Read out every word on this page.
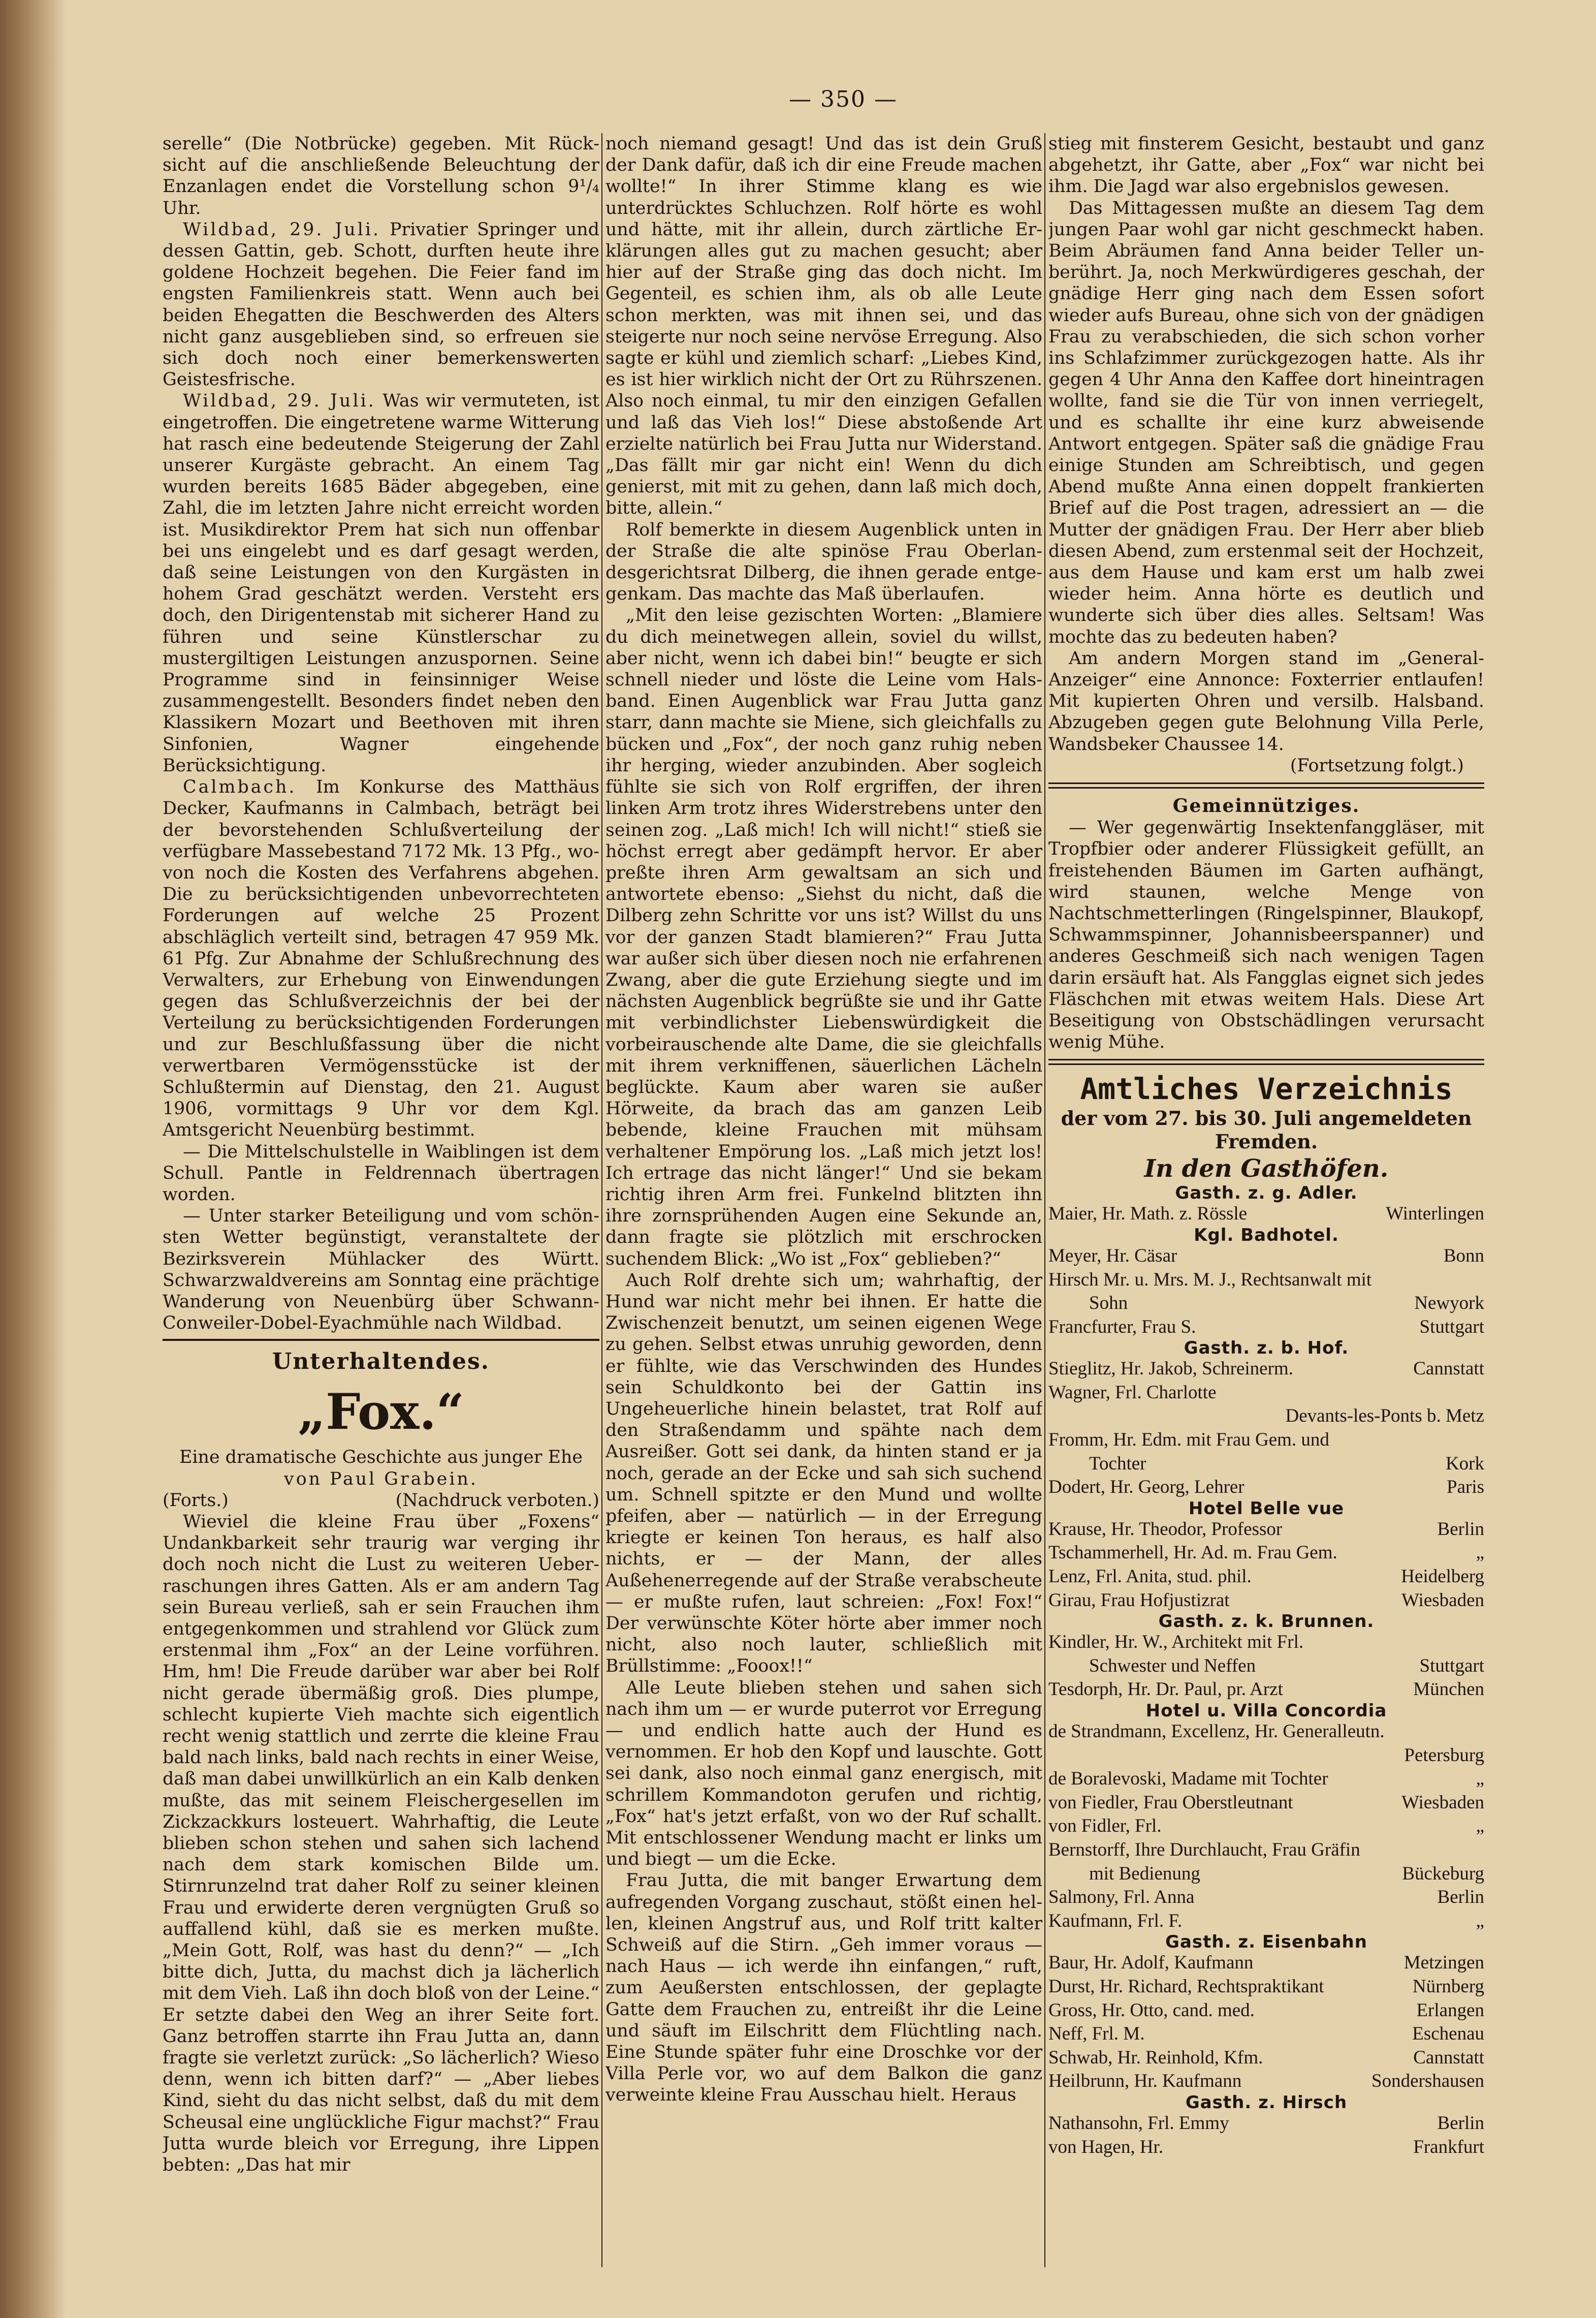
— 350 —

serelle“ (Die Notbrücke) gegeben. Mit Rücksicht auf die anschließende Beleuchtung der Enzanlagen endet die Vorstellung schon 9¹/₄ Uhr.

Wildbad, 29. Juli. Privatier Springer und dessen Gattin, geb. Schott, durften heute ihre goldene Hochzeit begehen. Die Feier fand im engsten Familienkreis statt. Wenn auch bei beiden Ehegatten die Beschwerden des Alters nicht ganz ausgeblieben sind, so erfreuen sie sich doch noch einer bemerkenswerten Geistesfrische.

Wildbad, 29. Juli. Was wir vermuteten, ist eingetroffen. Die eingetretene warme Witterung hat rasch eine bedeutende Steigerung der Zahl unserer Kurgäste gebracht. An einem Tag wurden bereits 1685 Bäder abgegeben, eine Zahl, die im letzten Jahre nicht erreicht worden ist. Musikdirektor Prem hat sich nun offenbar bei uns eingelebt und es darf gesagt werden, daß seine Leistungen von den Kurgästen in hohem Grad geschätzt werden. Versteht ers doch, den Dirigentenstab mit sicherer Hand zu führen und seine Künstlerschar zu mustergiltigen Leistungen anzuspornen. Seine Programme sind in feinsinniger Weise zusammengestellt. Besonders findet neben den Klassikern Mozart und Beethoven mit ihren Sinfonien, Wagner eingehende Berücksichtigung.

Calmbach. Im Konkurse des Matthäus Decker, Kaufmanns in Calmbach, beträgt bei der bevorstehenden Schlußverteilung der verfügbare Massebestand 7172 Mk. 13 Pfg., wovon noch die Kosten des Verfahrens abgehen. Die zu berücksichtigenden unbevorrechteten Forderungen auf welche 25 Prozent abschläglich verteilt sind, betragen 47 959 Mk. 61 Pfg. Zur Abnahme der Schlußrechnung des Verwalters, zur Erhebung von Einwendungen gegen das Schlußverzeichnis der bei der Verteilung zu berücksichtigenden Forderungen und zur Beschlußfassung über die nicht verwertbaren Vermögensstücke ist der Schlußtermin auf Dienstag, den 21. August 1906, vormittags 9 Uhr vor dem Kgl. Amtsgericht Neuenbürg bestimmt.

— Die Mittelschulstelle in Waiblingen ist dem Schull. Pantle in Feldrennach übertragen worden.

— Unter starker Beteiligung und vom schönsten Wetter begünstigt, veranstaltete der Bezirksverein Mühlacker des Württ. Schwarzwaldvereins am Sonntag eine prächtige Wanderung von Neuenbürg über Schwann-Conweiler-Dobel-Eyachmühle nach Wildbad.

Unterhaltendes.
„Fox.“

Eine dramatische Geschichte aus junger Ehe

von Paul Grabein.

(Forts.)	(Nachdruck verboten.)

Wieviel die kleine Frau über „Foxens“ Undankbarkeit sehr traurig war verging ihr doch noch nicht die Lust zu weiteren Ueberraschungen ihres Gatten. Als er am andern Tag sein Bureau verließ, sah er sein Frauchen ihm entgegenkommen und strahlend vor Glück zum erstenmal ihm „Fox“ an der Leine vorführen. Hm, hm! Die Freude darüber war aber bei Rolf nicht gerade übermäßig groß. Dies plumpe, schlecht kupierte Vieh machte sich eigentlich recht wenig stattlich und zerrte die kleine Frau bald nach links, bald nach rechts in einer Weise, daß man dabei unwillkürlich an ein Kalb denken mußte, das mit seinem Fleischergesellen im Zickzackkurs losteuert. Wahrhaftig, die Leute blieben schon stehen und sahen sich lachend nach dem stark komischen Bilde um. Stirnrunzelnd trat daher Rolf zu seiner kleinen Frau und erwiderte deren vergnügten Gruß so auffallend kühl, daß sie es merken mußte. „Mein Gott, Rolf, was hast du denn?“ — „Ich bitte dich, Jutta, du machst dich ja lächerlich mit dem Vieh. Laß ihn doch bloß von der Leine.“ Er setzte dabei den Weg an ihrer Seite fort. Ganz betroffen starrte ihn Frau Jutta an, dann fragte sie verletzt zurück: „So lächerlich? Wieso denn, wenn ich bitten darf?“ — „Aber liebes Kind, sieht du das nicht selbst, daß du mit dem Scheusal eine unglückliche Figur machst?“ Frau Jutta wurde bleich vor Erregung, ihre Lippen bebten: „Das hat mir

noch niemand gesagt! Und das ist dein Gruß der Dank dafür, daß ich dir eine Freude machen wollte!“ In ihrer Stimme klang es wie unterdrücktes Schluchzen. Rolf hörte es wohl und hätte, mit ihr allein, durch zärtliche Erklärungen alles gut zu machen gesucht; aber hier auf der Straße ging das doch nicht. Im Gegenteil, es schien ihm, als ob alle Leute schon merkten, was mit ihnen sei, und das steigerte nur noch seine nervöse Erregung. Also sagte er kühl und ziemlich scharf: „Liebes Kind, es ist hier wirklich nicht der Ort zu Rührszenen. Also noch einmal, tu mir den einzigen Gefallen und laß das Vieh los!“ Diese abstoßende Art erzielte natürlich bei Frau Jutta nur Widerstand. „Das fällt mir gar nicht ein! Wenn du dich genierst, mit mit zu gehen, dann laß mich doch, bitte, allein.“

Rolf bemerkte in diesem Augenblick unten in der Straße die alte spinöse Frau Oberlandesgerichtsrat Dilberg, die ihnen gerade entgegenkam. Das machte das Maß überlaufen.

„Mit den leise gezischten Worten: „Blamiere du dich meinetwegen allein, soviel du willst, aber nicht, wenn ich dabei bin!“ beugte er sich schnell nieder und löste die Leine vom Halsband. Einen Augenblick war Frau Jutta ganz starr, dann machte sie Miene, sich gleichfalls zu bücken und „Fox“, der noch ganz ruhig neben ihr herging, wieder anzubinden. Aber sogleich fühlte sie sich von Rolf ergriffen, der ihren linken Arm trotz ihres Widerstrebens unter den seinen zog. „Laß mich! Ich will nicht!“ stieß sie höchst erregt aber gedämpft hervor. Er aber preßte ihren Arm gewaltsam an sich und antwortete ebenso: „Siehst du nicht, daß die Dilberg zehn Schritte vor uns ist? Willst du uns vor der ganzen Stadt blamieren?“ Frau Jutta war außer sich über diesen noch nie erfahrenen Zwang, aber die gute Erziehung siegte und im nächsten Augenblick begrüßte sie und ihr Gatte mit verbindlichster Liebenswürdigkeit die vorbeirauschende alte Dame, die sie gleichfalls mit ihrem verkniffenen, säuerlichen Lächeln beglückte. Kaum aber waren sie außer Hörweite, da brach das am ganzen Leib bebende, kleine Frauchen mit mühsam verhaltener Empörung los. „Laß mich jetzt los! Ich ertrage das nicht länger!“ Und sie bekam richtig ihren Arm frei. Funkelnd blitzten ihn ihre zornsprühenden Augen eine Sekunde an, dann fragte sie plötzlich mit erschrocken suchendem Blick: „Wo ist „Fox“ geblieben?“

Auch Rolf drehte sich um; wahrhaftig, der Hund war nicht mehr bei ihnen. Er hatte die Zwischenzeit benutzt, um seinen eigenen Wege zu gehen. Selbst etwas unruhig geworden, denn er fühlte, wie das Verschwinden des Hundes sein Schuldkonto bei der Gattin ins Ungeheuerliche hinein belastet, trat Rolf auf den Straßendamm und spähte nach dem Ausreißer. Gott sei dank, da hinten stand er ja noch, gerade an der Ecke und sah sich suchend um. Schnell spitzte er den Mund und wollte pfeifen, aber — natürlich — in der Erregung kriegte er keinen Ton heraus, es half also nichts, er — der Mann, der alles Außehenerregende auf der Straße verabscheute — er mußte rufen, laut schreien: „Fox! Fox!“ Der verwünschte Köter hörte aber immer noch nicht, also noch lauter, schließlich mit Brüllstimme: „Fooox!!“

Alle Leute blieben stehen und sahen sich nach ihm um — er wurde puterrot vor Erregung — und endlich hatte auch der Hund es vernommen. Er hob den Kopf und lauschte. Gott sei dank, also noch einmal ganz energisch, mit schrillem Kommandoton gerufen und richtig, „Fox“ hat's jetzt erfaßt, von wo der Ruf schallt. Mit entschlossener Wendung macht er links um und biegt — um die Ecke.

Frau Jutta, die mit banger Erwartung dem aufregenden Vorgang zuschaut, stößt einen hellen, kleinen Angstruf aus, und Rolf tritt kalter Schweiß auf die Stirn. „Geh immer voraus — nach Haus — ich werde ihn einfangen,“ ruft, zum Aeußersten entschlossen, der geplagte Gatte dem Frauchen zu, entreißt ihr die Leine und säuft im Eilschritt dem Flüchtling nach. Eine Stunde später fuhr eine Droschke vor der Villa Perle vor, wo auf dem Balkon die ganz verweinte kleine Frau Ausschau hielt. Heraus

stieg mit finsterem Gesicht, bestaubt und ganz abgehetzt, ihr Gatte, aber „Fox“ war nicht bei ihm. Die Jagd war also ergebnislos gewesen.

Das Mittagessen mußte an diesem Tag dem jungen Paar wohl gar nicht geschmeckt haben. Beim Abräumen fand Anna beider Teller unberührt. Ja, noch Merkwürdigeres geschah, der gnädige Herr ging nach dem Essen sofort wieder aufs Bureau, ohne sich von der gnädigen Frau zu verabschieden, die sich schon vorher ins Schlafzimmer zurückgezogen hatte. Als ihr gegen 4 Uhr Anna den Kaffee dort hineintragen wollte, fand sie die Tür von innen verriegelt, und es schallte ihr eine kurz abweisende Antwort entgegen. Später saß die gnädige Frau einige Stunden am Schreibtisch, und gegen Abend mußte Anna einen doppelt frankierten Brief auf die Post tragen, adressiert an — die Mutter der gnädigen Frau. Der Herr aber blieb diesen Abend, zum erstenmal seit der Hochzeit, aus dem Hause und kam erst um halb zwei wieder heim. Anna hörte es deutlich und wunderte sich über dies alles. Seltsam! Was mochte das zu bedeuten haben?

Am andern Morgen stand im „General-Anzeiger“ eine Annonce: Foxterrier entlaufen! Mit kupierten Ohren und versilb. Halsband. Abzugeben gegen gute Belohnung Villa Perle, Wandsbeker Chaussee 14.

(Fortsetzung folgt.)

Gemeinnütziges.

— Wer gegenwärtig Insektenfanggläser, mit Tropfbier oder anderer Flüssigkeit gefüllt, an freistehenden Bäumen im Garten aufhängt, wird staunen, welche Menge von Nachtschmetterlingen (Ringelspinner, Blaukopf, Schwammspinner, Johannisbeerspanner) und anderes Geschmeiß sich nach wenigen Tagen darin ersäuft hat. Als Fangglas eignet sich jedes Fläschchen mit etwas weitem Hals. Diese Art Beseitigung von Obstschädlingen verursacht wenig Mühe.

Amtliches Verzeichnis
der vom 27. bis 30. Juli angemeldeten
Fremden.
In den Gasthöfen.
Gasth. z. g. Adler.
Maier, Hr. Math. z. Rössle	Winterlingen
Kgl. Badhotel.
Meyer, Hr. Cäsar	Bonn
Hirsch Mr. u. Mrs. M. J., Rechtsanwalt mit
Sohn	Newyork
Francfurter, Frau S.	Stuttgart
Gasth. z. b. Hof.
Stieglitz, Hr. Jakob, Schreinerm.	Cannstatt
Wagner, Frl. Charlotte
Devants-les-Ponts b. Metz
Fromm, Hr. Edm. mit Frau Gem. und
Tochter	Kork
Dodert, Hr. Georg, Lehrer	Paris
Hotel Belle vue
Krause, Hr. Theodor, Professor	Berlin
Tschammerhell, Hr. Ad. m. Frau Gem.	„
Lenz, Frl. Anita, stud. phil.	Heidelberg
Girau, Frau Hofjustizrat	Wiesbaden
Gasth. z. k. Brunnen.
Kindler, Hr. W., Architekt mit Frl.
Schwester und Neffen	Stuttgart
Tesdorph, Hr. Dr. Paul, pr. Arzt	München
Hotel u. Villa Concordia
de Strandmann, Excellenz, Hr. Generalleutn.
Petersburg
de Boralevoski, Madame mit Tochter	„
von Fiedler, Frau Oberstleutnant	Wiesbaden
von Fidler, Frl.	„
Bernstorff, Ihre Durchlaucht, Frau Gräfin
mit Bedienung	Bückeburg
Salmony, Frl. Anna	Berlin
Kaufmann, Frl. F.	„
Gasth. z. Eisenbahn
Baur, Hr. Adolf, Kaufmann	Metzingen
Durst, Hr. Richard, Rechtspraktikant	Nürnberg
Gross, Hr. Otto, cand. med.	Erlangen
Neff, Frl. M.	Eschenau
Schwab, Hr. Reinhold, Kfm.	Cannstatt
Heilbrunn, Hr. Kaufmann	Sondershausen
Gasth. z. Hirsch
Nathansohn, Frl. Emmy	Berlin
von Hagen, Hr.	Frankfurt
